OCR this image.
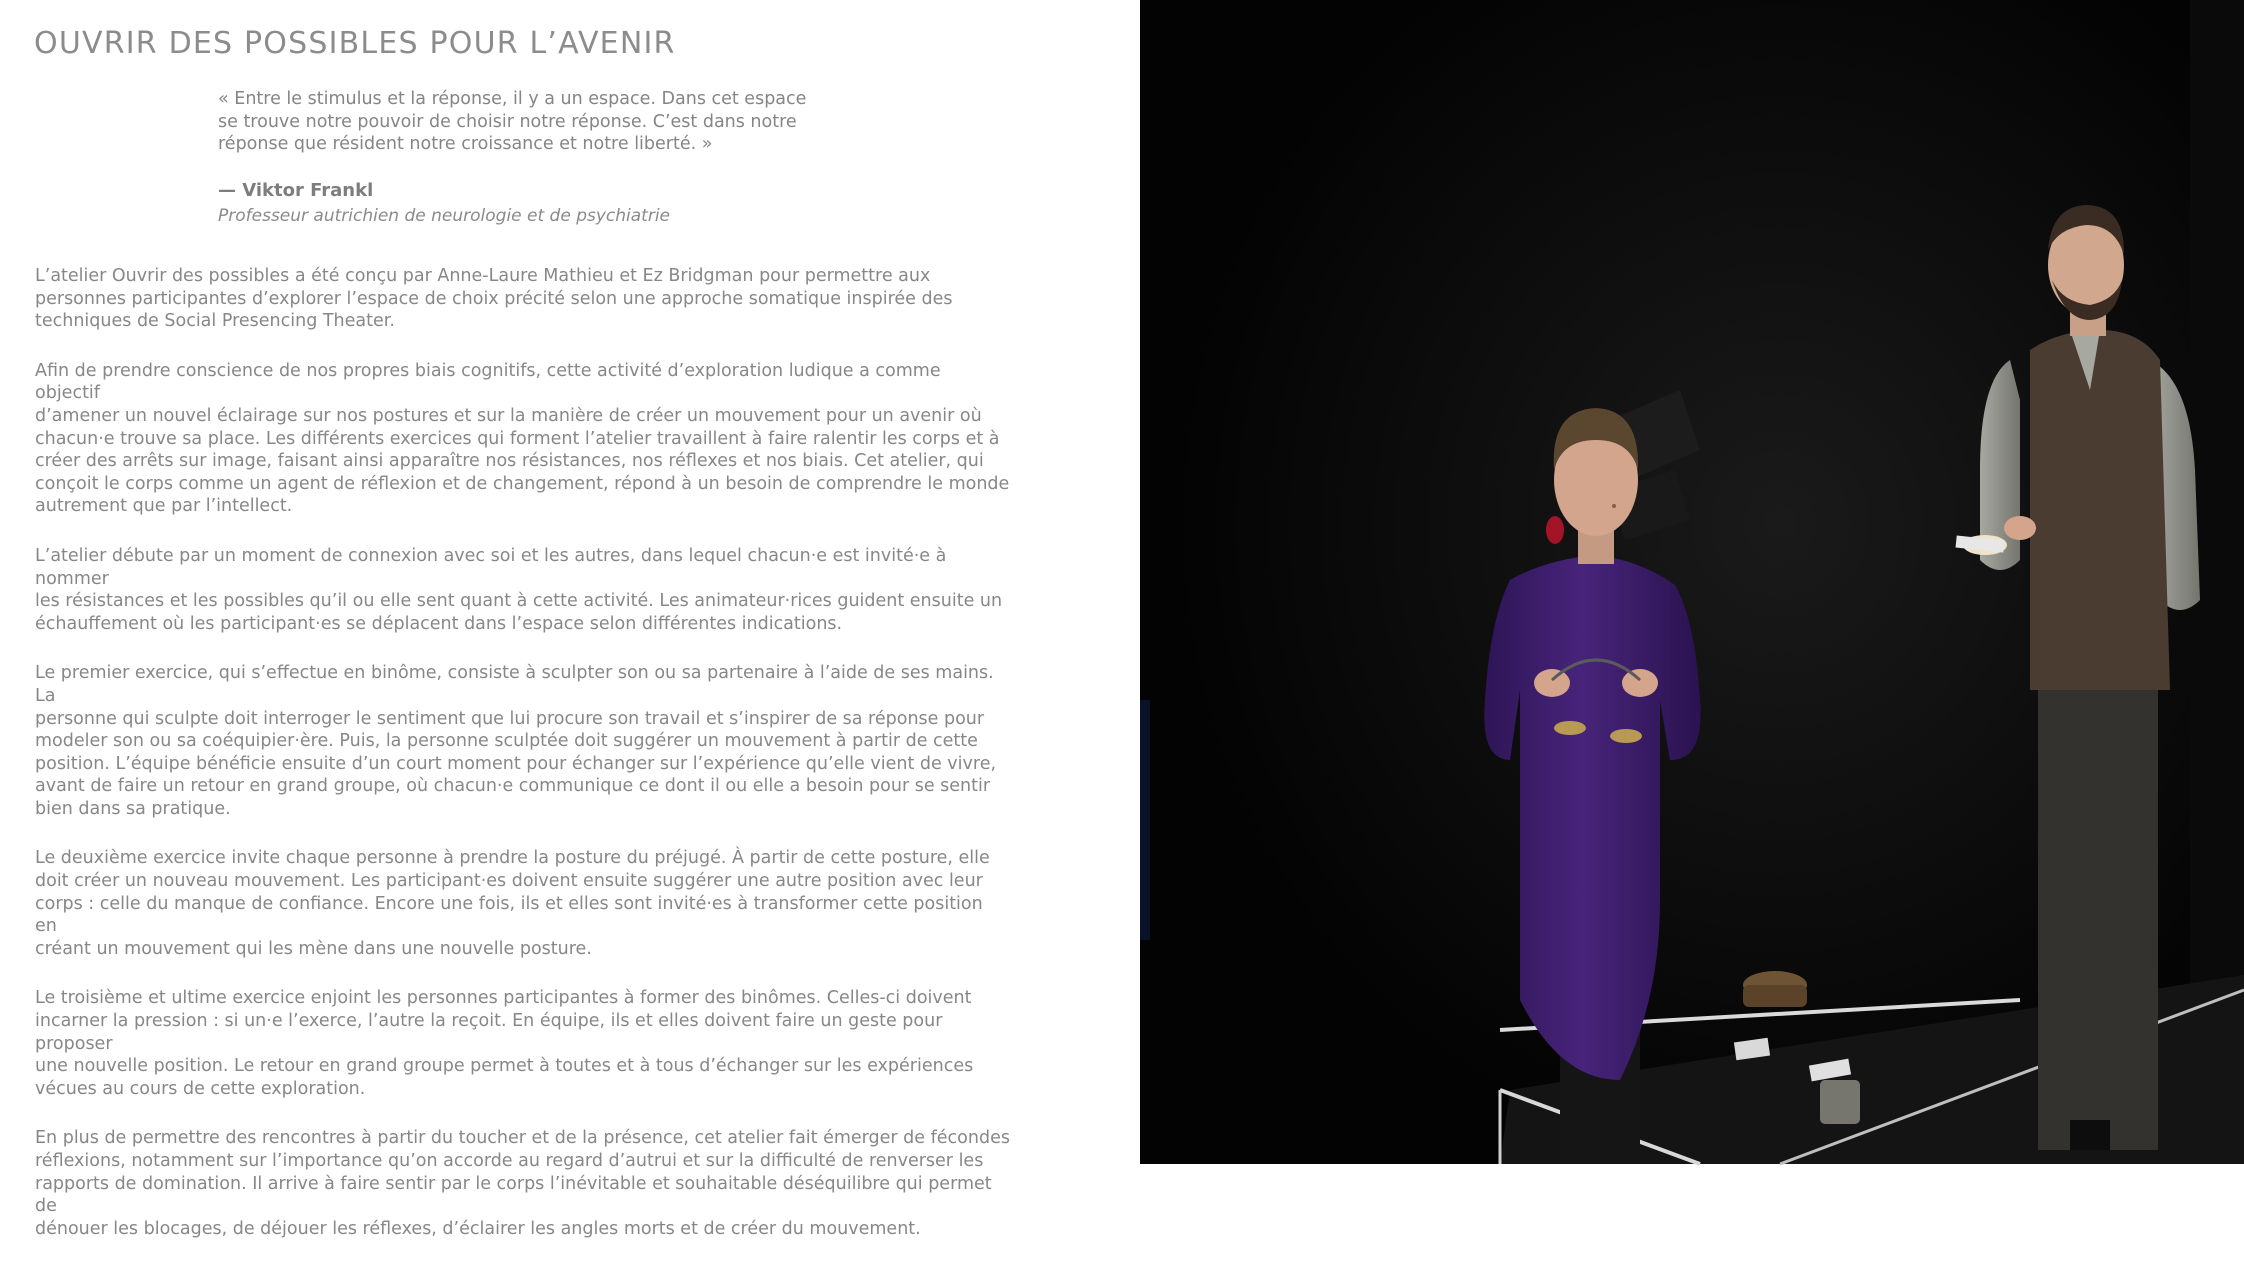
OUVRIR DES POSSIBLES POUR L’AVENIR

« Entre le stimulus et la réponse, il y a un espace. Dans cet espace
se trouve notre pouvoir de choisir notre réponse. C’est dans notre
réponse que résident notre croissance et notre liberté. »

— Viktor Frankl

Professeur autrichien de neurologie et de psychiatrie

L’atelier Ouvrir des possibles a été conçu par Anne-Laure Mathieu et Ez Bridgman pour permettre aux
personnes participantes d’explorer l’espace de choix précité selon une approche somatique inspirée des
techniques de Social Presencing Theater.

Afin de prendre conscience de nos propres biais cognitifs, cette activité d’exploration ludique a comme objectif
d’amener un nouvel éclairage sur nos postures et sur la manière de créer un mouvement pour un avenir où
chacun·e trouve sa place. Les différents exercices qui forment l’atelier travaillent à faire ralentir les corps et à
créer des arrêts sur image, faisant ainsi apparaître nos résistances, nos réflexes et nos biais. Cet atelier, qui
conçoit le corps comme un agent de réflexion et de changement, répond à un besoin de comprendre le monde
autrement que par l’intellect.

L’atelier débute par un moment de connexion avec soi et les autres, dans lequel chacun·e est invité·e à nommer
les résistances et les possibles qu’il ou elle sent quant à cette activité. Les animateur·rices guident ensuite un
échauffement où les participant·es se déplacent dans l’espace selon différentes indications.

Le premier exercice, qui s’effectue en binôme, consiste à sculpter son ou sa partenaire à l’aide de ses mains. La
personne qui sculpte doit interroger le sentiment que lui procure son travail et s’inspirer de sa réponse pour
modeler son ou sa coéquipier·ère. Puis, la personne sculptée doit suggérer un mouvement à partir de cette
position. L’équipe bénéficie ensuite d’un court moment pour échanger sur l’expérience qu’elle vient de vivre,
avant de faire un retour en grand groupe, où chacun·e communique ce dont il ou elle a besoin pour se sentir
bien dans sa pratique.

Le deuxième exercice invite chaque personne à prendre la posture du préjugé. À partir de cette posture, elle
doit créer un nouveau mouvement. Les participant·es doivent ensuite suggérer une autre position avec leur
corps : celle du manque de confiance. Encore une fois, ils et elles sont invité·es à transformer cette position en
créant un mouvement qui les mène dans une nouvelle posture.

Le troisième et ultime exercice enjoint les personnes participantes à former des binômes. Celles-ci doivent
incarner la pression : si un·e l’exerce, l’autre la reçoit. En équipe, ils et elles doivent faire un geste pour proposer
une nouvelle position. Le retour en grand groupe permet à toutes et à tous d’échanger sur les expériences
vécues au cours de cette exploration.

En plus de permettre des rencontres à partir du toucher et de la présence, cet atelier fait émerger de fécondes
réflexions, notamment sur l’importance qu’on accorde au regard d’autrui et sur la difficulté de renverser les
rapports de domination. Il arrive à faire sentir par le corps l’inévitable et souhaitable déséquilibre qui permet de
dénouer les blocages, de déjouer les réflexes, d’éclairer les angles morts et de créer du mouvement.
